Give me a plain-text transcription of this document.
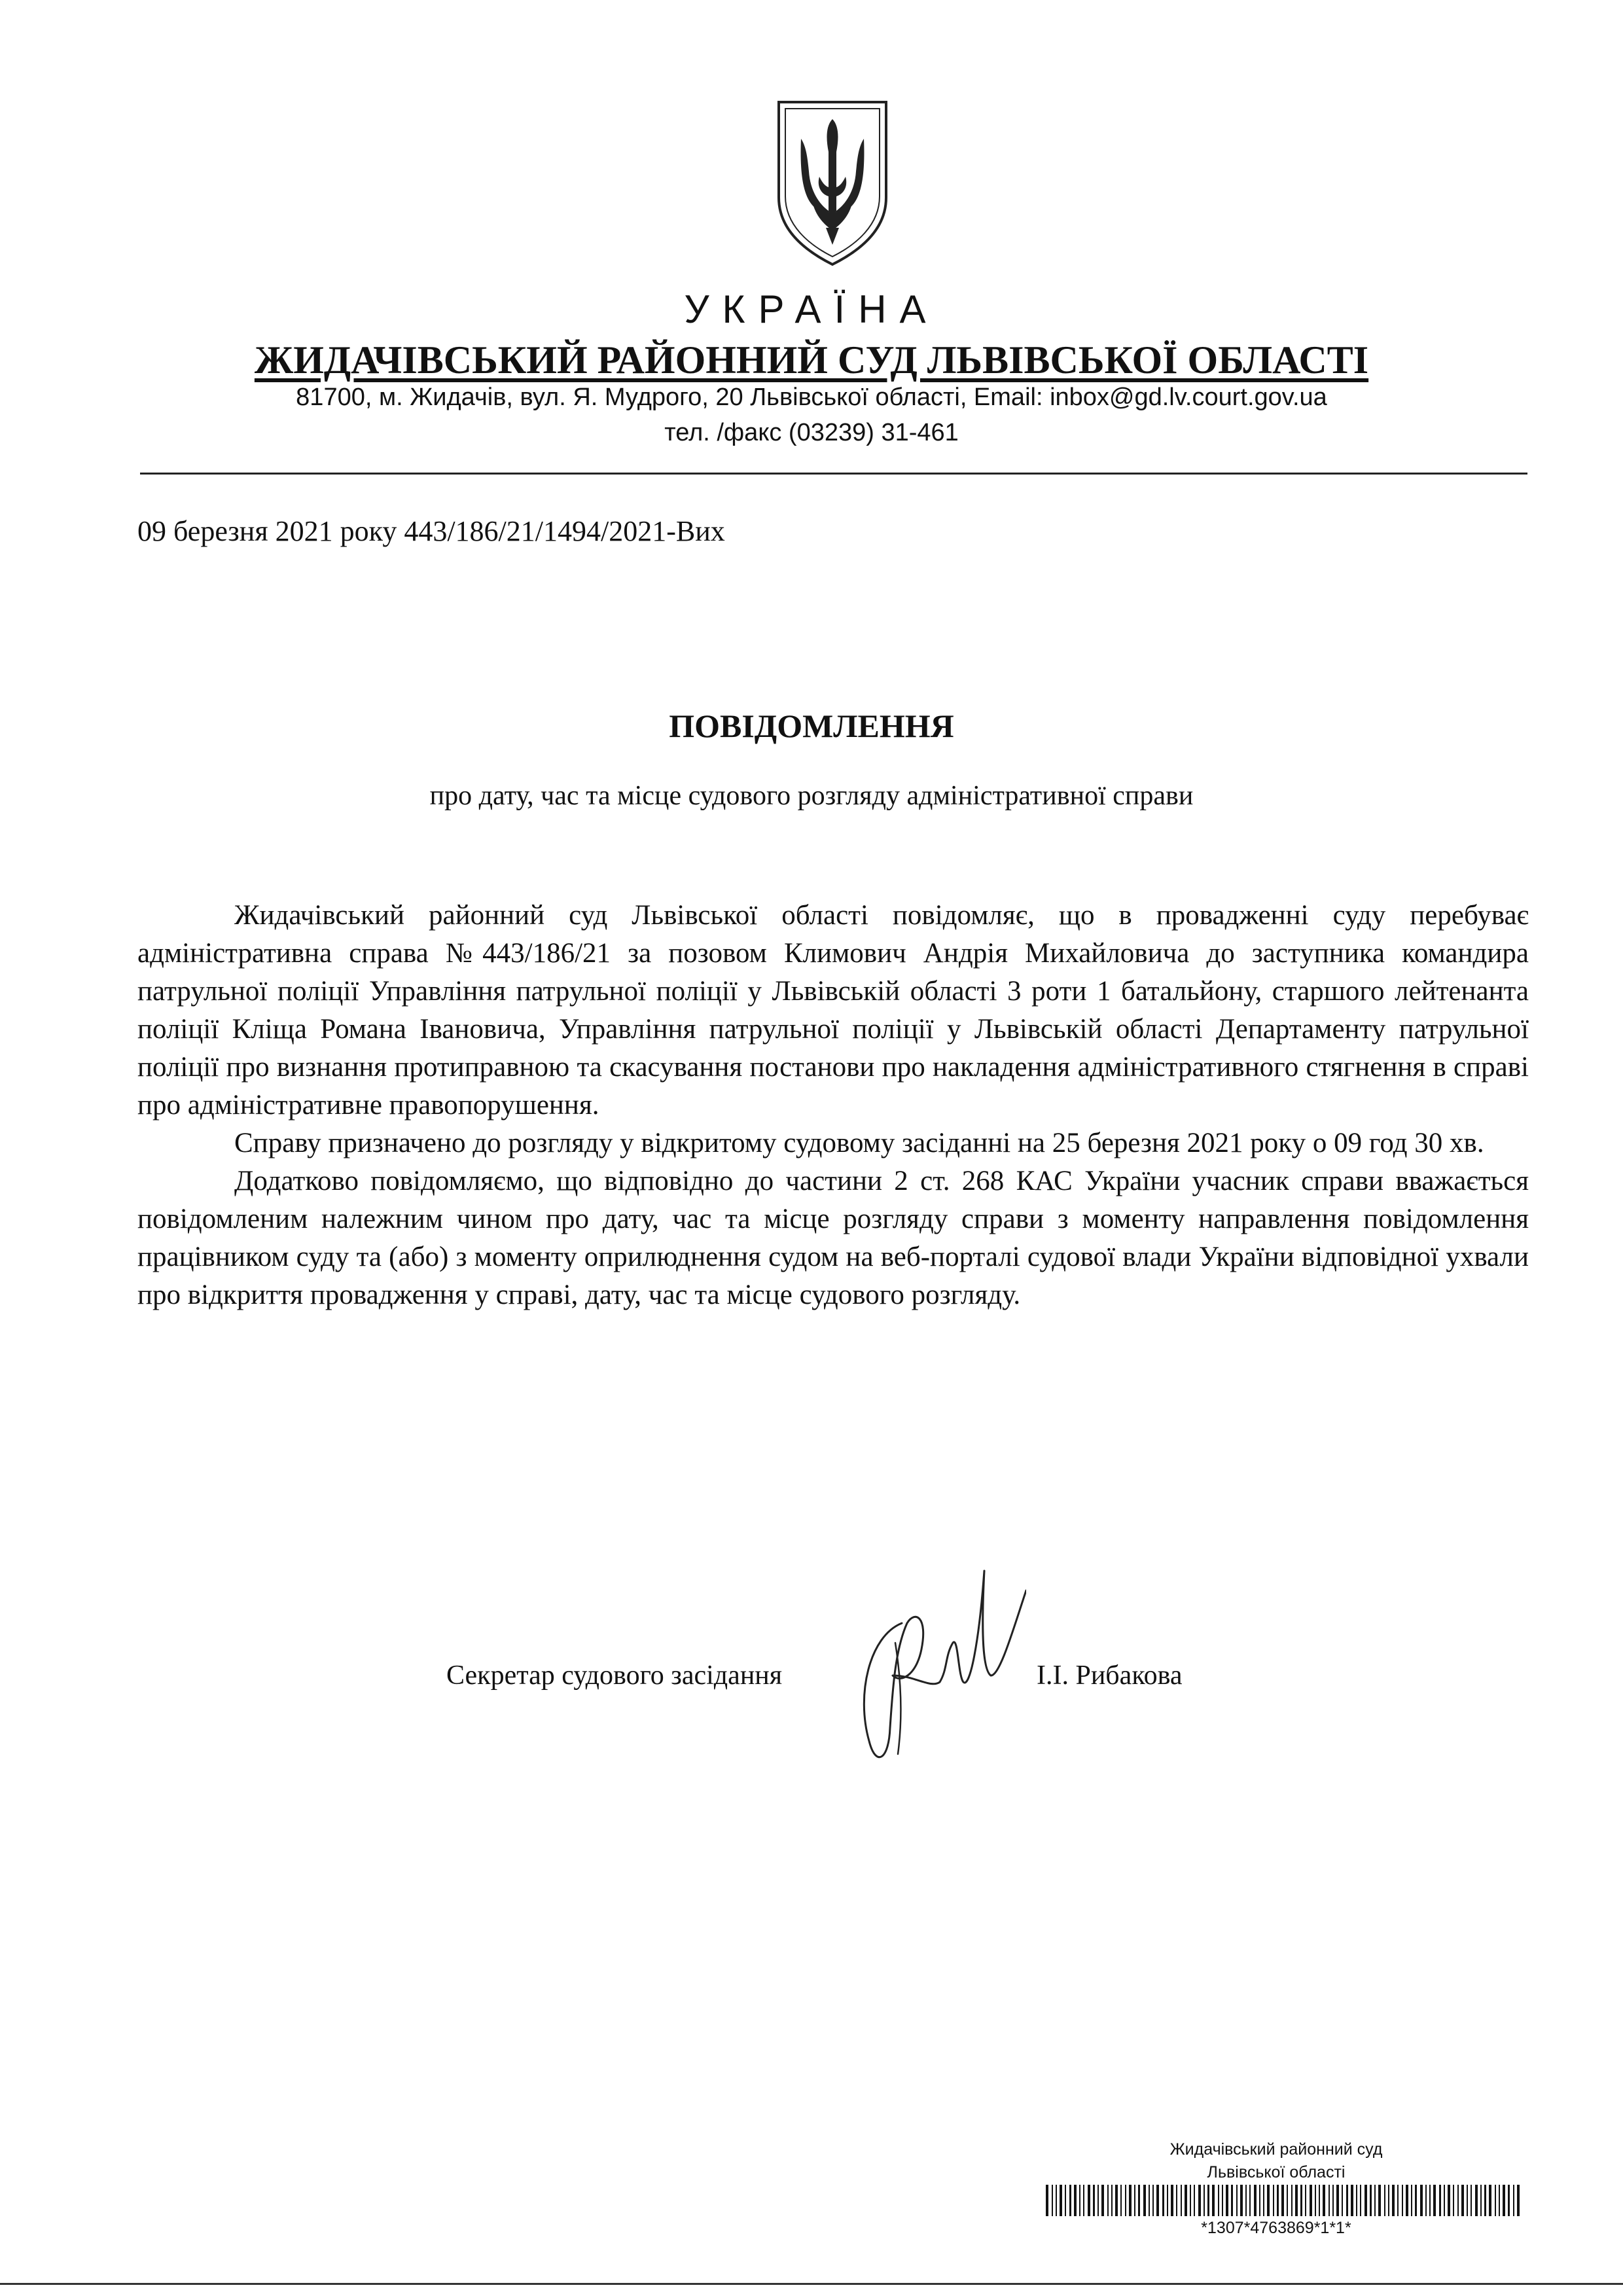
УКРАЇНА
ЖИДАЧІВСЬКИЙ РАЙОННИЙ СУД ЛЬВІВСЬКОЇ ОБЛАСТІ
81700, м. Жидачів, вул. Я. Мудрого, 20 Львівської області, Email: inbox@gd.lv.court.gov.ua
тел. /факс (03239) 31-461
09 березня 2021 року 443/186/21/1494/2021-Вих
ПОВІДОМЛЕННЯ
про дату, час та місце судового розгляду адміністративної справи

Жидачівський районний суд Львівської області повідомляє, що в провадженні суду перебуває адміністративна справа №443/186/21 за позовом Климович Андрія Михайловича до заступника командира патрульної поліції Управління патрульної поліції у Львівській області 3 роти 1 батальйону, старшого лейтенанта поліції Кліща Романа Івановича, Управління патрульної поліції у Львівській області Департаменту патрульної поліції про визнання протиправною та скасування постанови про накладення адміністративного стягнення в справі про адміністративне правопорушення.

Справу призначено до розгляду у відкритому судовому засіданні на 25 березня 2021 року о 09 год 30 хв.

Додатково повідомляємо, що відповідно до частини 2 ст. 268 КАС України учасник справи вважається повідомленим належним чином про дату, час та місце розгляду справи з моменту направлення повідомлення працівником суду та (або) з моменту оприлюднення судом на веб-порталі судової влади України відповідної ухвали про відкриття провадження у справі, дату, час та місце судового розгляду.

Секретар судового засідання	І.І. Рибакова
Жидачівський районний суд
Львівської області
*1307*4763869*1*1*
